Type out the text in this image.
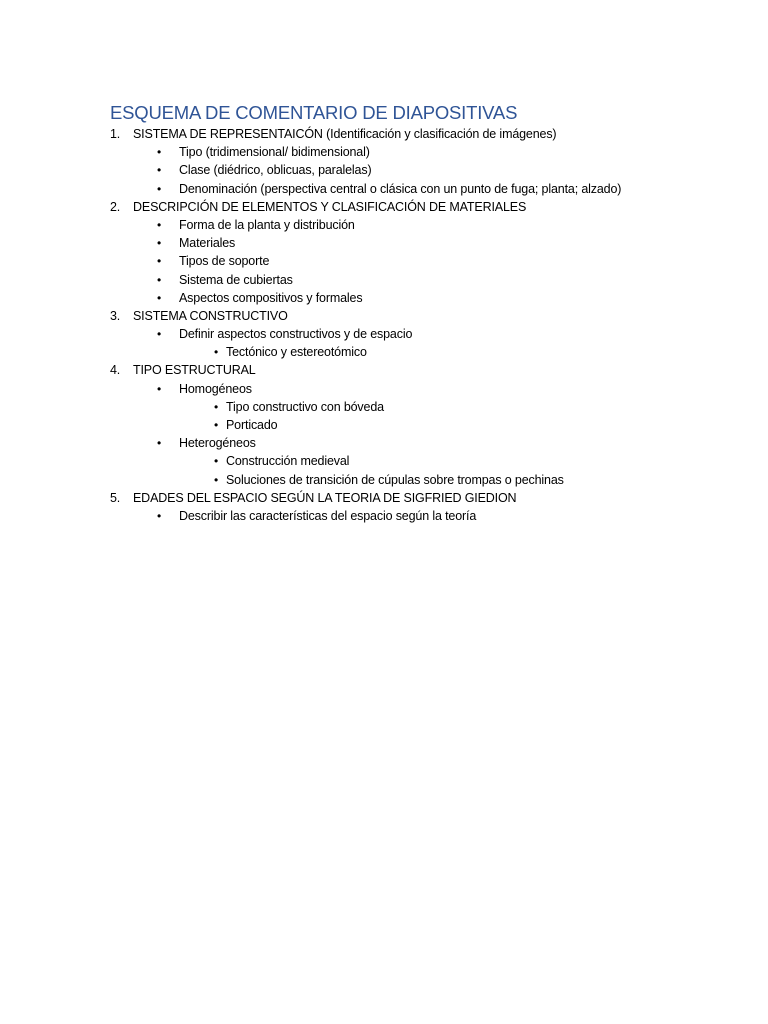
ESQUEMA DE COMENTARIO DE DIAPOSITIVAS
1. SISTEMA DE REPRESENTAICÓN (Identificación y clasificación de imágenes)
• Tipo (tridimensional/ bidimensional)
• Clase (diédrico, oblicuas, paralelas)
• Denominación (perspectiva central o clásica con un punto de fuga; planta; alzado)
2. DESCRIPCIÓN DE ELEMENTOS Y CLASIFICACIÓN DE MATERIALES
• Forma de la planta y distribución
• Materiales
• Tipos de soporte
• Sistema de cubiertas
• Aspectos compositivos y formales
3. SISTEMA CONSTRUCTIVO
• Definir aspectos constructivos y de espacio
• Tectónico y estereotómico
4. TIPO ESTRUCTURAL
• Homogéneos
• Tipo constructivo con bóveda
• Porticado
• Heterogéneos
• Construcción medieval
• Soluciones de transición de cúpulas sobre trompas o pechinas
5. EDADES DEL ESPACIO SEGÚN LA TEORIA DE SIGFRIED GIEDION
• Describir las características del espacio según la teoría
